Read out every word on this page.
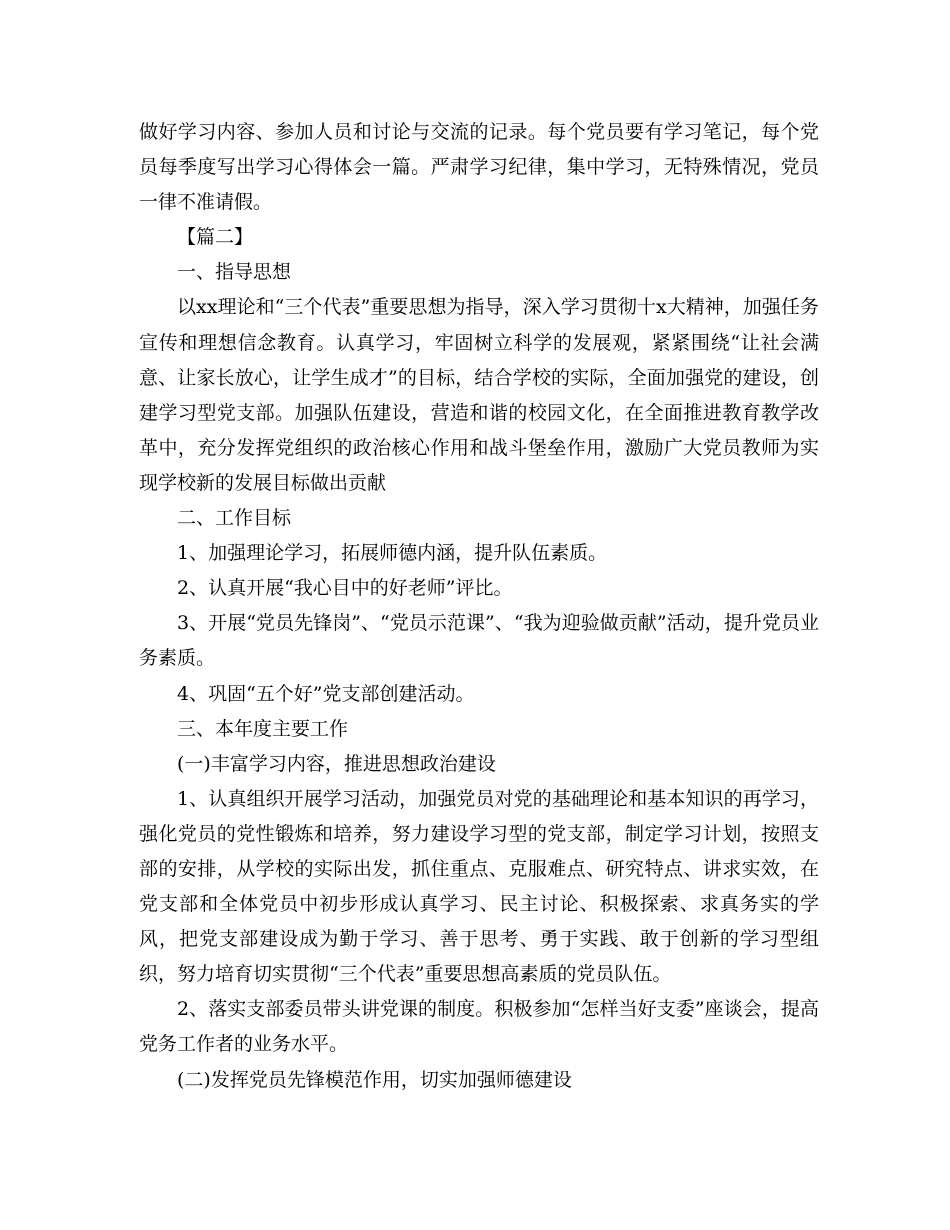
做好学习内容、参加人员和讨论与交流的记录。每个党员要有学习笔记，每个党员每季度写出学习心得体会一篇。严肃学习纪律，集中学习，无特殊情况，党员一律不准请假。

【篇二】

一、指导思想

以xx理论和“三个代表”重要思想为指导，深入学习贯彻十x大精神，加强任务宣传和理想信念教育。认真学习，牢固树立科学的发展观，紧紧围绕“让社会满意、让家长放心，让学生成才”的目标，结合学校的实际，全面加强党的建设，创建学习型党支部。加强队伍建设，营造和谐的校园文化，在全面推进教育教学改革中，充分发挥党组织的政治核心作用和战斗堡垒作用，激励广大党员教师为实现学校新的发展目标做出贡献

二、工作目标

1、加强理论学习，拓展师德内涵，提升队伍素质。

2、认真开展“我心目中的好老师”评比。

3、开展“党员先锋岗”、“党员示范课”、“我为迎验做贡献”活动，提升党员业务素质。

4、巩固“五个好”党支部创建活动。

三、本年度主要工作

(一)丰富学习内容，推进思想政治建设

1、认真组织开展学习活动，加强党员对党的基础理论和基本知识的再学习，强化党员的党性锻炼和培养，努力建设学习型的党支部，制定学习计划，按照支部的安排，从学校的实际出发，抓住重点、克服难点、研究特点、讲求实效，在党支部和全体党员中初步形成认真学习、民主讨论、积极探索、求真务实的学风，把党支部建设成为勤于学习、善于思考、勇于实践、敢于创新的学习型组织，努力培育切实贯彻“三个代表”重要思想高素质的党员队伍。

2、落实支部委员带头讲党课的制度。积极参加“怎样当好支委”座谈会，提高党务工作者的业务水平。

(二)发挥党员先锋模范作用，切实加强师德建设
